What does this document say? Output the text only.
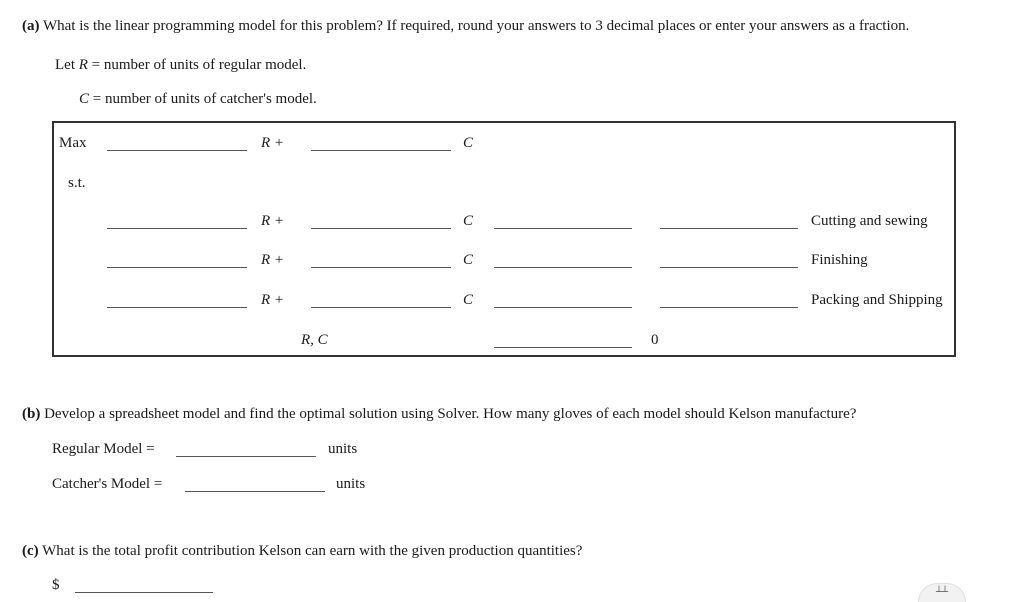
(a) What is the linear programming model for this problem? If required, round your answers to 3 decimal places or enter your answers as a fraction.
Let R = number of units of regular model.
C = number of units of catcher's model.
Max	R +	C
s.t.
R +	C	Cutting and sewing
R +	C	Finishing
R +	C	Packing and Shipping
R, C	0
(b) Develop a spreadsheet model and find the optimal solution using Solver. How many gloves of each model should Kelson manufacture?
Regular Model =	units
Catcher's Model =	units
(c) What is the total profit contribution Kelson can earn with the given production quantities?
$	┴┴
